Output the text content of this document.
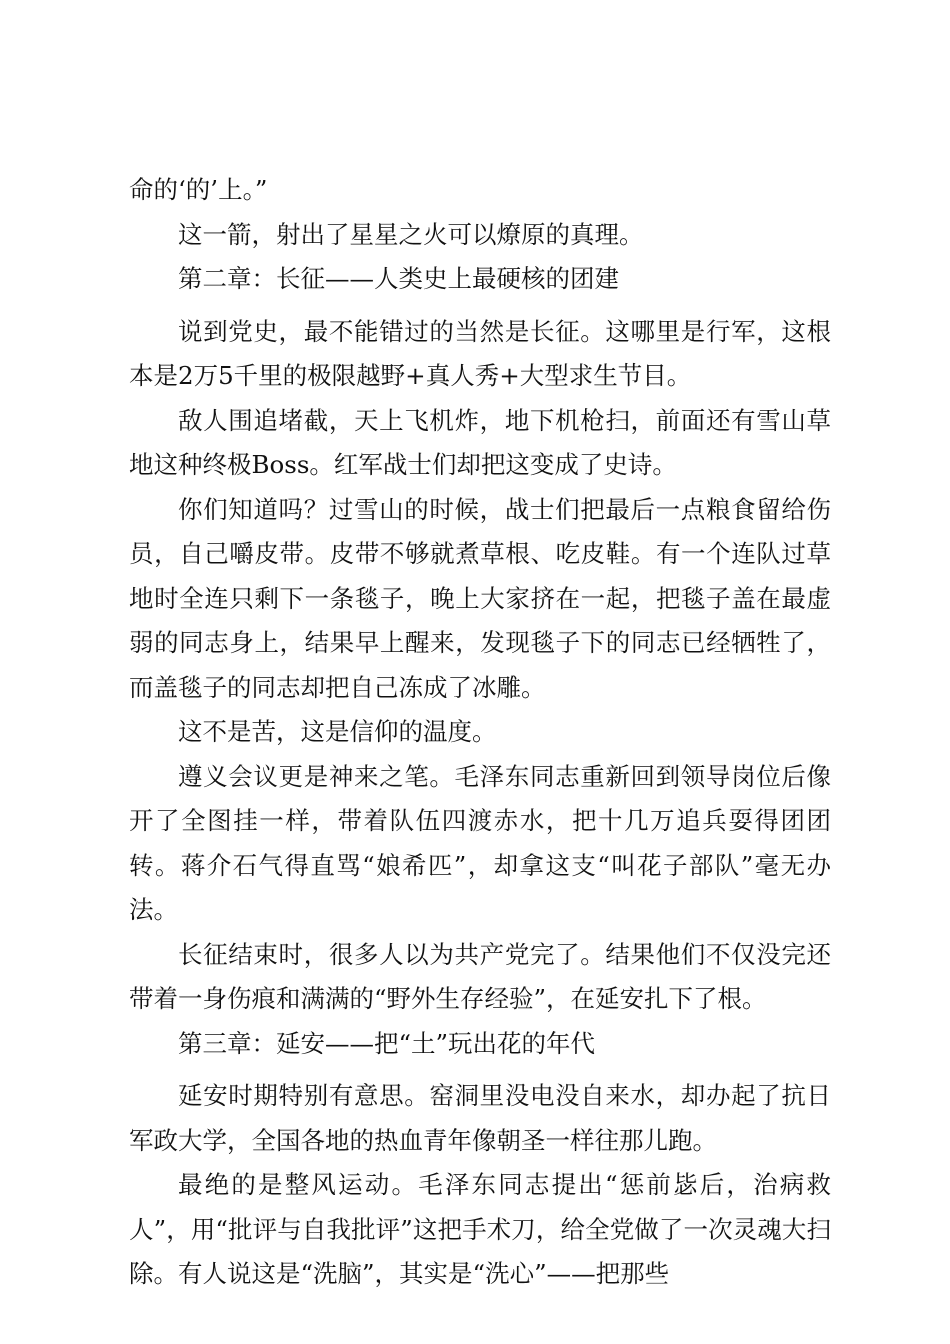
命的‘的’上。”

这一箭，射出了星星之火可以燎原的真理。

第二章：长征——人类史上最硬核的团建

说到党史，最不能错过的当然是长征。这哪里是行军，这根本是2万5千里的极限越野+真人秀+大型求生节目。

敌人围追堵截，天上飞机炸，地下机枪扫，前面还有雪山草地这种终极Boss。红军战士们却把这变成了史诗。

你们知道吗？过雪山的时候，战士们把最后一点粮食留给伤员，自己嚼皮带。皮带不够就煮草根、吃皮鞋。有一个连队过草地时全连只剩下一条毯子，晚上大家挤在一起，把毯子盖在最虚弱的同志身上，结果早上醒来，发现毯子下的同志已经牺牲了，而盖毯子的同志却把自己冻成了冰雕。

这不是苦，这是信仰的温度。

遵义会议更是神来之笔。毛泽东同志重新回到领导岗位后像开了全图挂一样，带着队伍四渡赤水，把十几万追兵耍得团团转。蒋介石气得直骂“娘希匹”，却拿这支“叫花子部队”毫无办法。

长征结束时，很多人以为共产党完了。结果他们不仅没完还带着一身伤痕和满满的“野外生存经验”，在延安扎下了根。

第三章：延安——把“土”玩出花的年代

延安时期特别有意思。窑洞里没电没自来水，却办起了抗日军政大学，全国各地的热血青年像朝圣一样往那儿跑。

最绝的是整风运动。毛泽东同志提出“惩前毖后，治病救人”，用“批评与自我批评”这把手术刀，给全党做了一次灵魂大扫除。有人说这是“洗脑”，其实是“洗心”——把那些
